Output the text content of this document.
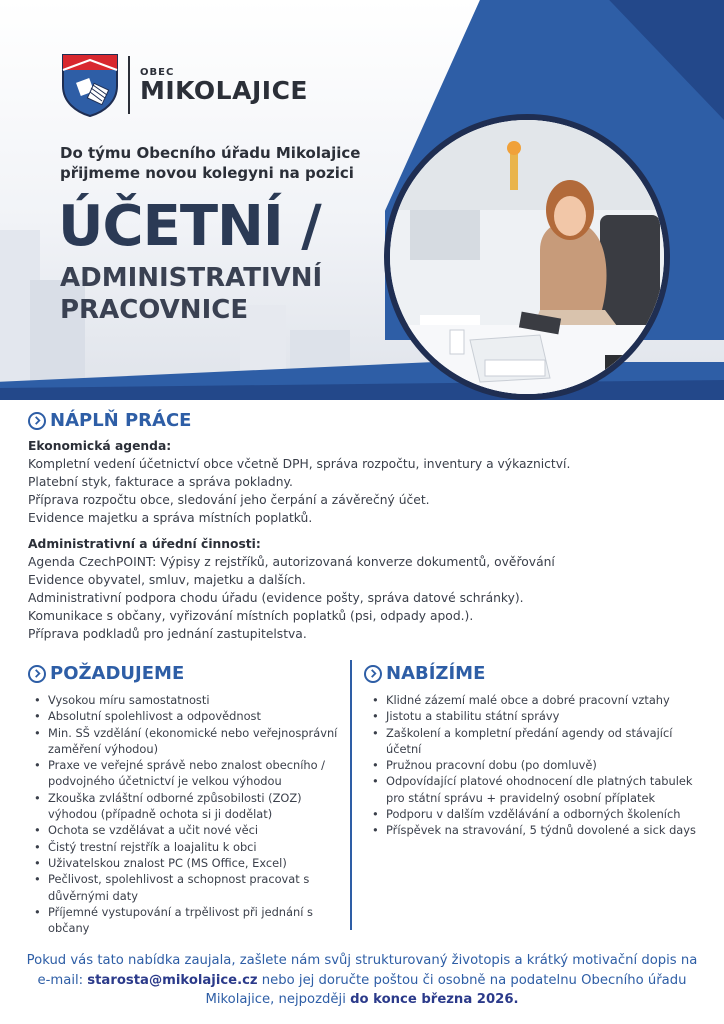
OBEC
MIKOLAJICE
Do týmu Obecního úřadu Mikolajice
přijmeme novou kolegyni na pozici
ÚČETNÍ /
ADMINISTRATIVNÍ
PRACOVNICE
NÁPLŇ PRÁCE
Ekonomická agenda:
Kompletní vedení účetnictví obce včetně DPH, správa rozpočtu, inventury a výkaznictví.
Platební styk, fakturace a správa pokladny.
Příprava rozpočtu obce, sledování jeho čerpání a závěrečný účet.
Evidence majetku a správa místních poplatků.
Administrativní a úřední činnosti:
Agenda CzechPOINT: Výpisy z rejstříků, autorizovaná konverze dokumentů, ověřování
Evidence obyvatel, smluv, majetku a dalších.
Administrativní podpora chodu úřadu (evidence pošty, správa datové schránky).
Komunikace s občany, vyřizování místních poplatků (psi, odpady apod.).
Příprava podkladů pro jednání zastupitelstva.
POŽADUJEME
• Vysokou míru samostatnosti
• Absolutní spolehlivost a odpovědnost
• Min. SŠ vzdělání (ekonomické nebo veřejnosprávní zaměření výhodou)
• Praxe ve veřejné správě nebo znalost obecního / podvojného účetnictví je velkou výhodou
• Zkouška zvláštní odborné způsobilosti (ZOZ) výhodou (případně ochota si ji dodělat)
• Ochota se vzdělávat a učit nové věci
• Čistý trestní rejstřík a loajalitu k obci
• Uživatelskou znalost PC (MS Office, Excel)
• Pečlivost, spolehlivost a schopnost pracovat s důvěrnými daty
• Příjemné vystupování a trpělivost při jednání s občany
NABÍZÍME
• Klidné zázemí malé obce a dobré pracovní vztahy
• Jistotu a stabilitu státní správy
• Zaškolení a kompletní předání agendy od stávající účetní
• Pružnou pracovní dobu (po domluvě)
• Odpovídající platové ohodnocení dle platných tabulek pro státní správu + pravidelný osobní příplatek
• Podporu v dalším vzdělávání a odborných školeních
• Příspěvek na stravování, 5 týdnů dovolené a sick days
Pokud vás tato nabídka zaujala, zašlete nám svůj strukturovaný životopis a krátký motivační dopis na e-mail: starosta@mikolajice.cz nebo jej doručte poštou či osobně na podatelnu Obecního úřadu Mikolajice, nejpozději do konce března 2026.
